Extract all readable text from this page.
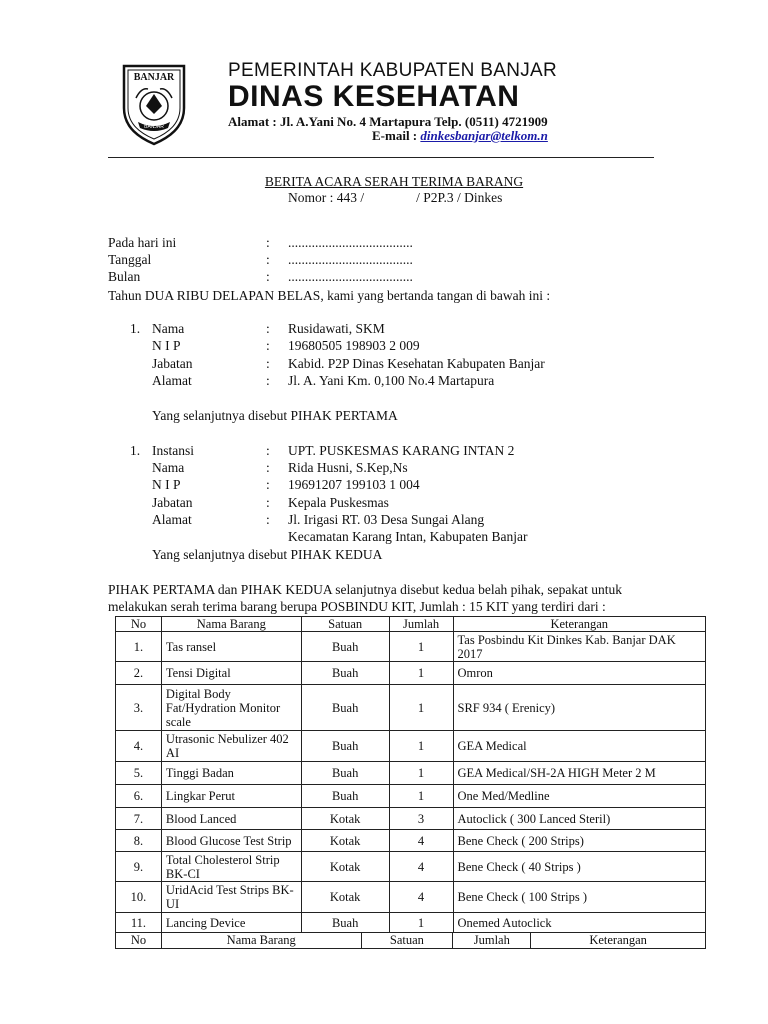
BANJAR
BANJAR
PEMERINTAH KABUPATEN BANJAR
DINAS KESEHATAN
Alamat : Jl. A.Yani No. 4 Martapura Telp. (0511) 4721909
E-mail : dinkesbanjar@telkom.n
BERITA ACARA SERAH TERIMA BARANG
Nomor : 443 /	/ P2P.3 / Dinkes
Pada hari ini	: .....................................
Tanggal	: .....................................
Bulan	: .....................................
Tahun DUA RIBU DELAPAN BELAS, kami yang bertanda tangan di bawah ini :
1. Nama	: Rusidawati, SKM
N I P	: 19680505 198903 2 009
Jabatan	: Kabid. P2P Dinas Kesehatan Kabupaten Banjar
Alamat	: Jl. A. Yani Km. 0,100 No.4 Martapura
Yang selanjutnya disebut PIHAK PERTAMA
1. Instansi	: UPT. PUSKESMAS KARANG INTAN 2
Nama	: Rida Husni, S.Kep,Ns
N I P	: 19691207 199103 1 004
Jabatan	: Kepala Puskesmas
Alamat	: Jl. Irigasi RT. 03 Desa Sungai Alang
Kecamatan Karang Intan, Kabupaten Banjar
Yang selanjutnya disebut PIHAK KEDUA
PIHAK PERTAMA dan PIHAK KEDUA selanjutnya disebut kedua belah pihak, sepakat untuk
melakukan serah terima barang berupa POSBINDU KIT, Jumlah : 15 KIT yang terdiri dari :
No	Nama Barang	Satuan	Jumlah	Keterangan
1.	Tas ransel	Buah	1	Tas Posbindu Kit Dinkes Kab. Banjar DAK 2017
2.	Tensi Digital	Buah	1	Omron
3.	Digital Body Fat/Hydration Monitor scale	Buah	1	SRF 934 ( Erenicy)
4.	Utrasonic Nebulizer 402 AI	Buah	1	GEA Medical
5.	Tinggi Badan	Buah	1	GEA Medical/SH-2A HIGH Meter 2 M
6.	Lingkar Perut	Buah	1	One Med/Medline
7.	Blood Lanced	Kotak	3	Autoclick ( 300 Lanced Steril)
8.	Blood Glucose Test Strip	Kotak	4	Bene Check ( 200 Strips)
9.	Total Cholesterol Strip BK-CI	Kotak	4	Bene Check ( 40 Strips )
10.	UridAcid Test Strips BK-UI	Kotak	4	Bene Check ( 100 Strips )
11.	Lancing Device	Buah	1	Onemed Autoclick
No	Nama Barang	Satuan	Jumlah	Keterangan
